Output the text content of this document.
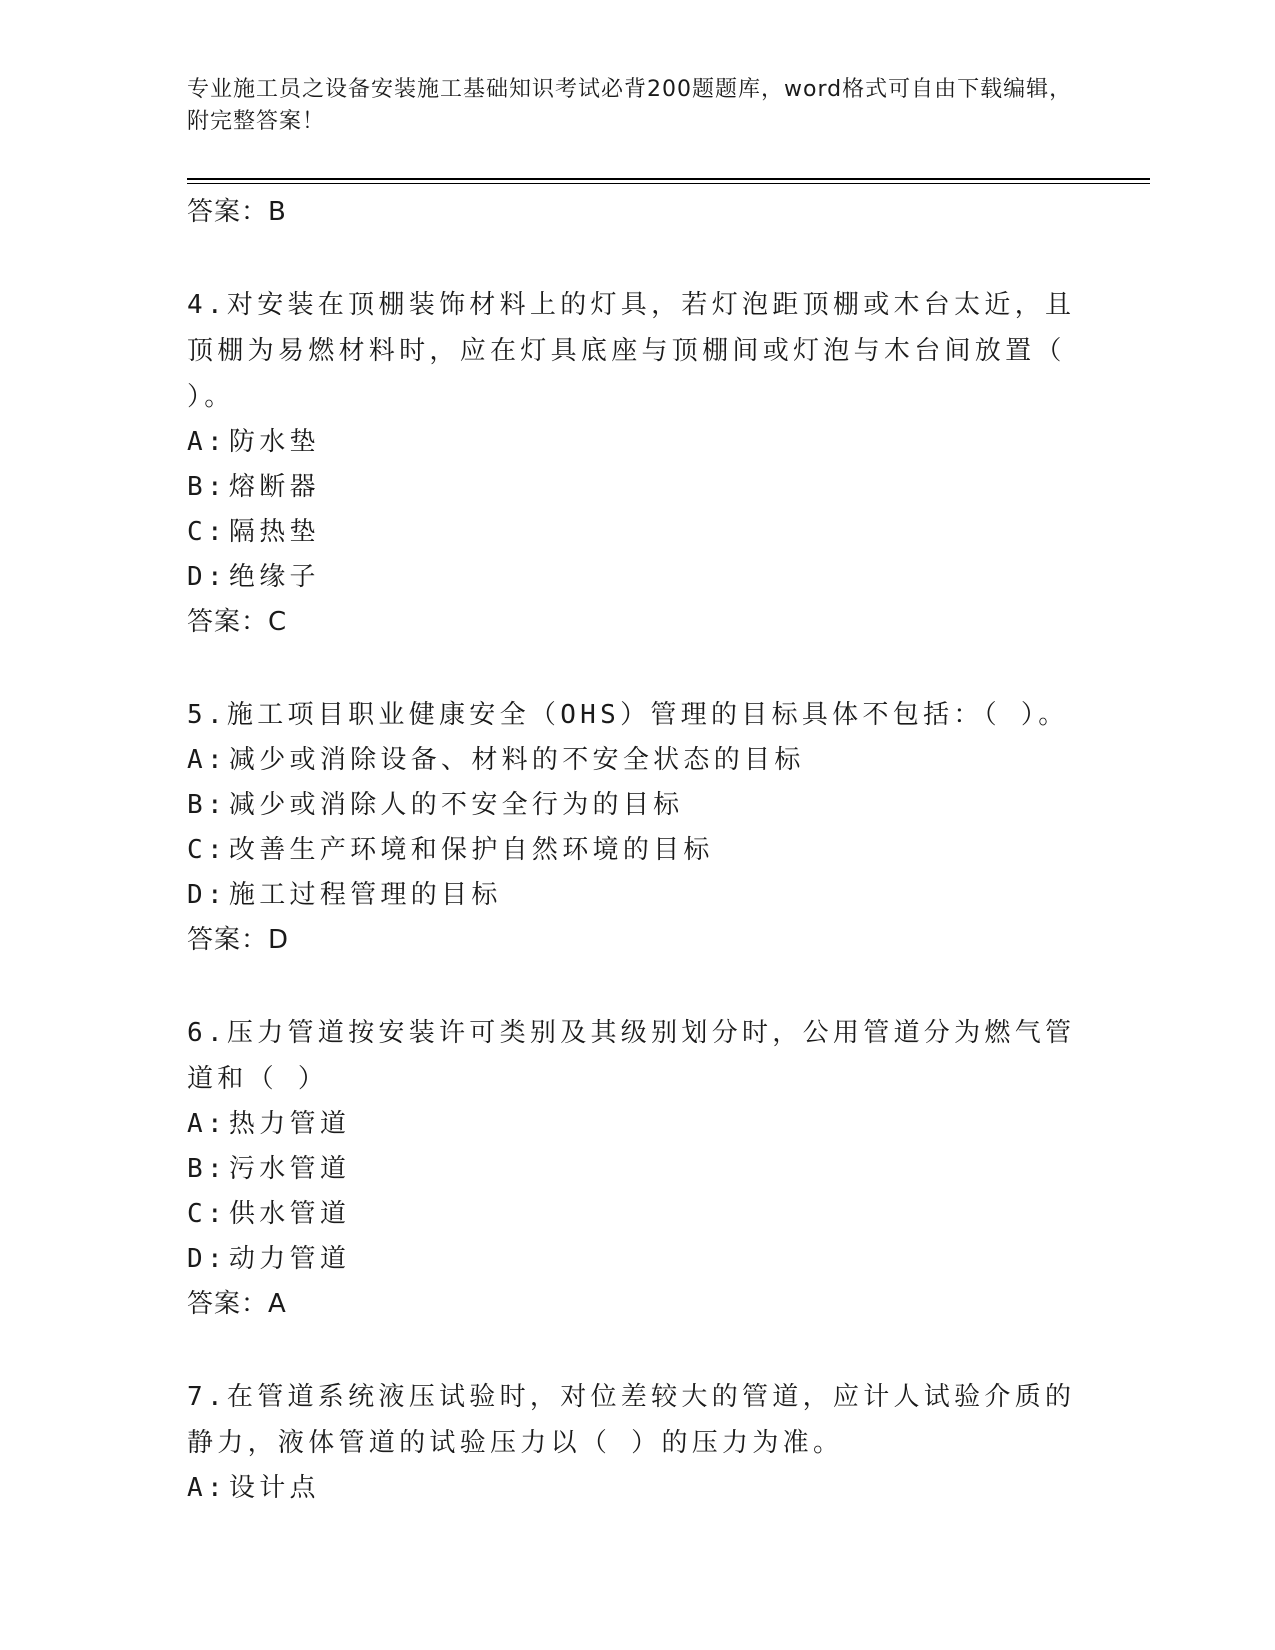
专业施工员之设备安装施工基础知识考试必背200题题库，word格式可自由下载编辑，附完整答案！
答案：B
4.对安装在顶棚装饰材料上的灯具，若灯泡距顶棚或木台太近，且顶棚为易燃材料时，应在灯具底座与顶棚间或灯泡与木台间放置（ ）。
A:防水垫
B:熔断器
C:隔热垫
D:绝缘子
答案：C
5.施工项目职业健康安全（OHS）管理的目标具体不包括：（ ）。
A:减少或消除设备、材料的不安全状态的目标
B:减少或消除人的不安全行为的目标
C:改善生产环境和保护自然环境的目标
D:施工过程管理的目标
答案：D
6.压力管道按安装许可类别及其级别划分时，公用管道分为燃气管道和（ ）
A:热力管道
B:污水管道
C:供水管道
D:动力管道
答案：A
7.在管道系统液压试验时，对位差较大的管道，应计人试验介质的静力，液体管道的试验压力以（ ）的压力为准。
A:设计点
